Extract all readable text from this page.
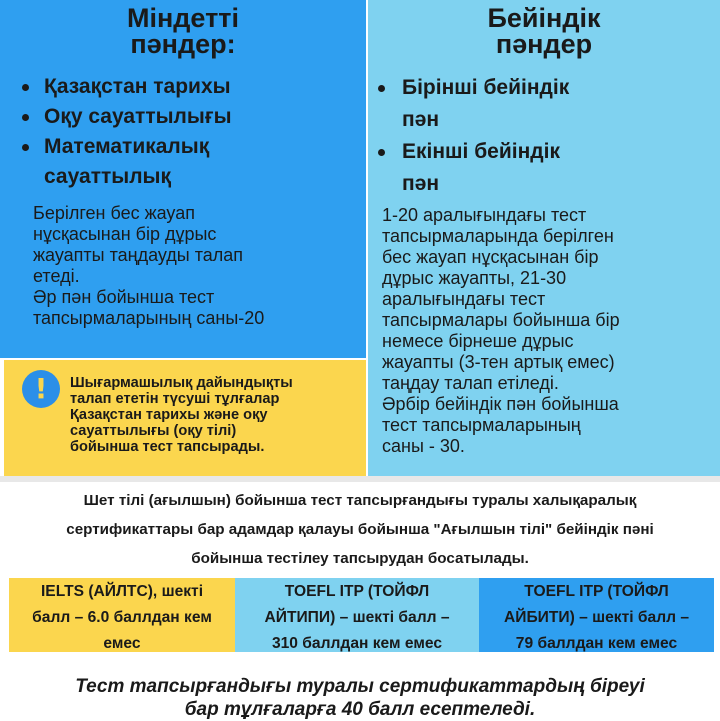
Міндетті
пәндер:
Қазақстан тарихы
Оқу сауаттылығы
Математикалық
сауаттылық

Берілген бес жауап
нұсқасынан бір дұрыс
жауапты таңдауды талап
етеді.
Әр пән бойынша тест
тапсырмаларының саны-20

!	Шығармашылық дайындықты
талап ететін түсуші тұлғалар
Қазақстан тарихы және оқу
сауаттылығы (оқу тілі)
бойынша тест тапсырады.

Бейіндік
пәндер
Бірінші бейіндік
пән
Екінші бейіндік
пән

1-20 аралығындағы тест
тапсырмаларында берілген
бес жауап нұсқасынан бір
дұрыс жауапты, 21-30
аралығындағы тест
тапсырмалары бойынша бір
немесе бірнеше дұрыс
жауапты (3-тен артық емес)
таңдау талап етіледі.
Әрбір бейіндік пән бойынша
тест тапсырмаларының
саны - 30.

Шет тілі (ағылшын) бойынша тест тапсырғандығы туралы халықаралық
сертификаттары бар адамдар қалауы бойынша "Ағылшын тілі" бейіндік пәні
бойынша тестілеу тапсырудан босатылады.

IELTS (АЙЛТС), шекті
балл – 6.0 баллдан кем
емес
TOEFL ITP (ТОЙФЛ
АЙТИПИ) – шекті балл –
310 баллдан кем емес
TOEFL ITP (ТОЙФЛ
АЙБИТИ) – шекті балл –
79 баллдан кем емес

Тест тапсырғандығы туралы сертификаттардың біреуі
бар тұлғаларға 40 балл есептеледі.
